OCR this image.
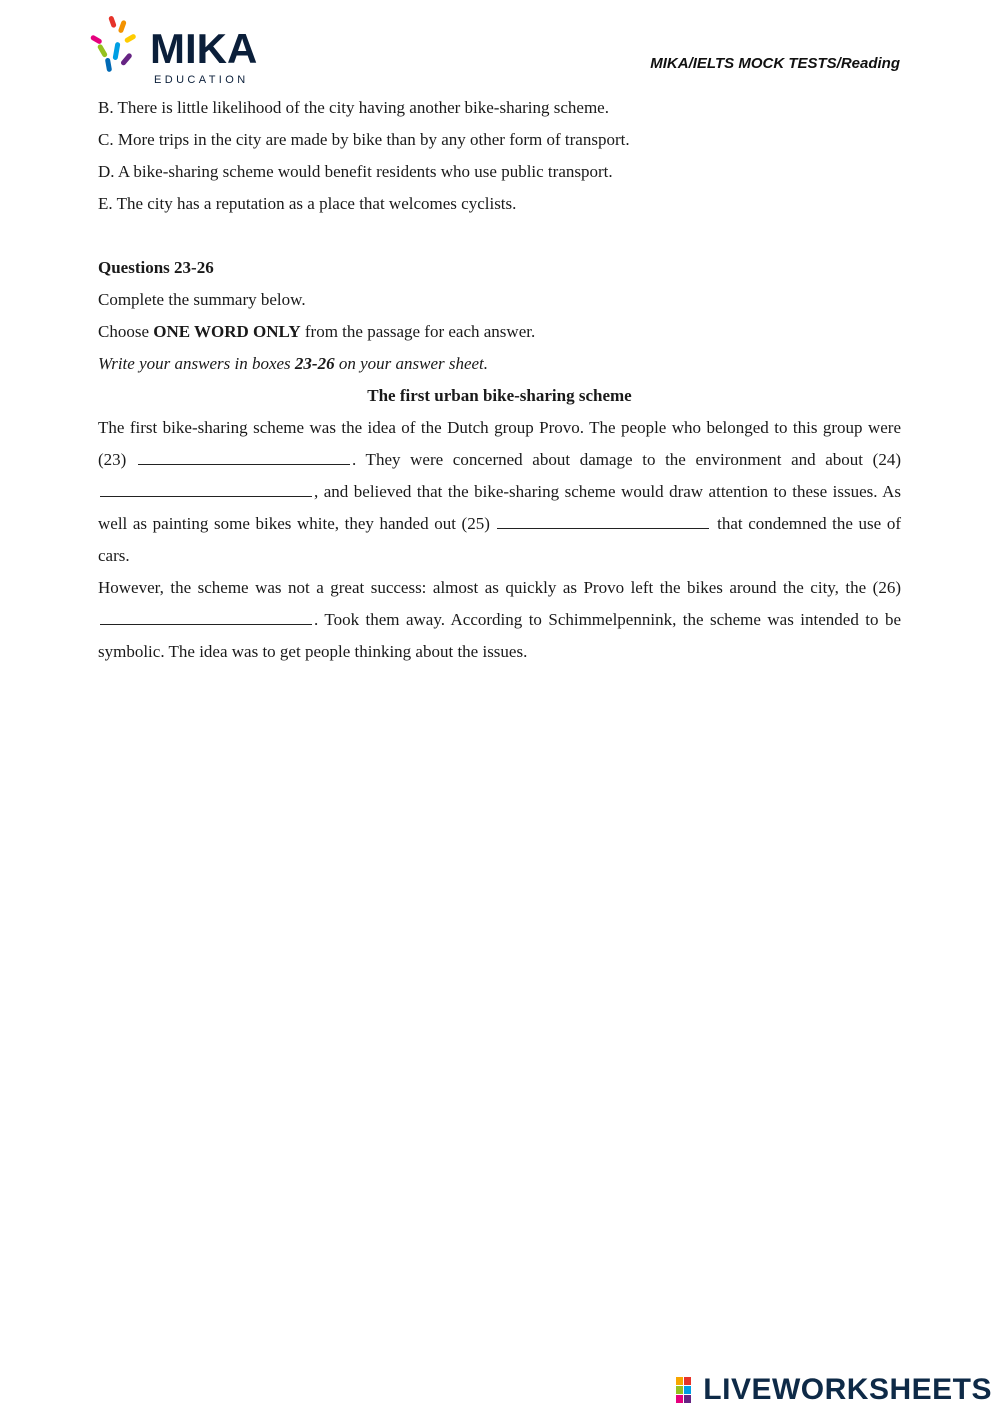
MIKA
EDUCATION
MIKA/IELTS MOCK TESTS/Reading

B. There is little likelihood of the city having another bike-sharing scheme.

C. More trips in the city are made by bike than by any other form of transport.

D. A bike-sharing scheme would benefit residents who use public transport.

E. The city has a reputation as a place that welcomes cyclists.

Questions 23-26

Complete the summary below.

Choose ONE WORD ONLY from the passage for each answer.

Write your answers in boxes 23-26 on your answer sheet.

The first urban bike-sharing scheme

The first bike-sharing scheme was the idea of the Dutch group Provo. The people who belonged to this group were (23)	. They were concerned about damage to the environment and about (24) , and believed that the bike-sharing scheme would draw attention to these issues. As well as painting some bikes white, they handed out (25)	that condemned the use of cars.

However, the scheme was not a great success: almost as quickly as Provo left the bikes around the city, the (26) . Took them away. According to Schimmelpennink, the scheme was intended to be symbolic. The idea was to get people thinking about the issues.

LIVEWORKSHEETS
